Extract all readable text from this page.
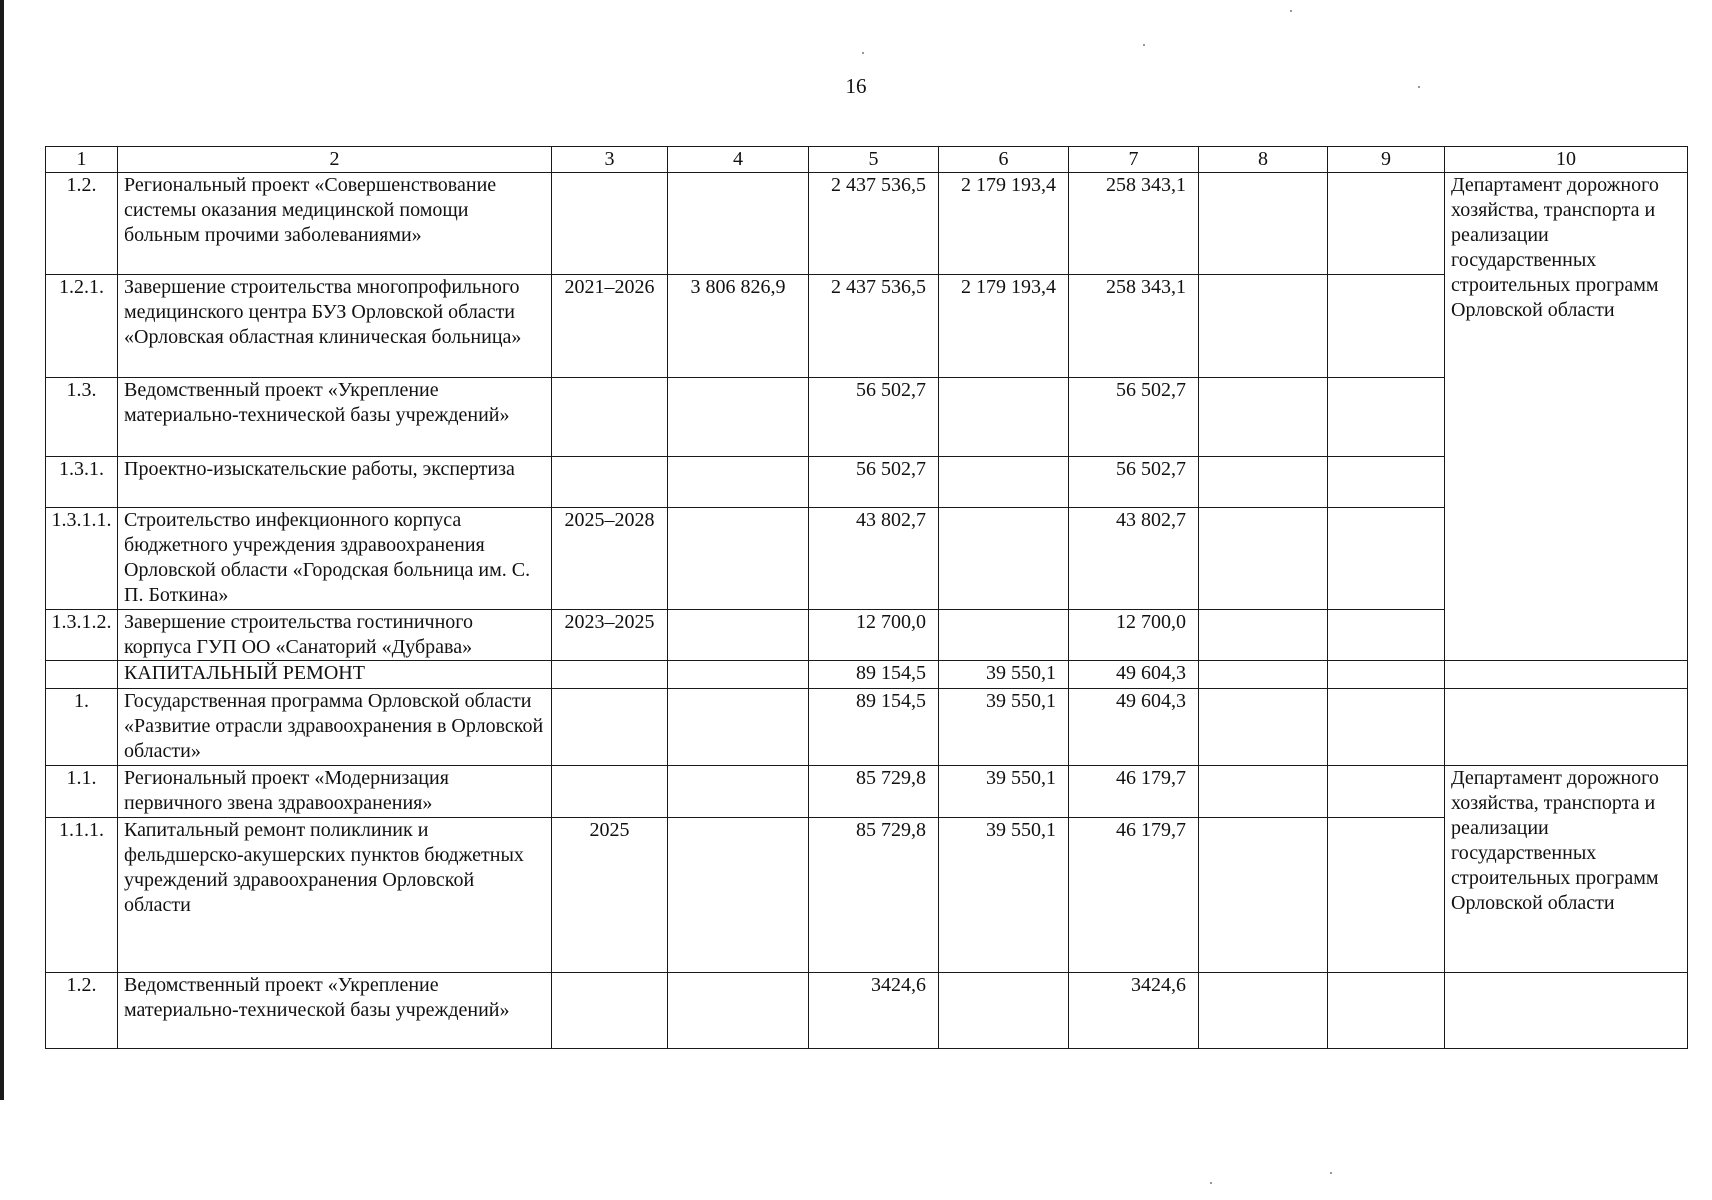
16
1	2	3	4	5	6	7	8	9	10
1.2.	Региональный проект «Совершенствование системы оказания медицинской помощи больным прочими заболеваниями»			2 437 536,5	2 179 193,4	258 343,1			Департамент дорожного хозяйства, транспорта и реализации государственных строительных программ Орловской области
1.2.1.	Завершение строительства многопрофильного медицинского центра БУЗ Орловской области «Орловская областная клиническая больница»	2021–2026	3 806 826,9	2 437 536,5	2 179 193,4	258 343,1			
1.3.	Ведомственный проект «Укрепление материально-технической базы учреждений»			56 502,7		56 502,7			
1.3.1.	Проектно-изыскательские работы, экспертиза			56 502,7		56 502,7			
1.3.1.1.	Строительство инфекционного корпуса бюджетного учреждения здравоохранения Орловской области «Городская больница им. С. П. Боткина»	2025–2028		43 802,7		43 802,7			
1.3.1.2.	Завершение строительства гостиничного корпуса ГУП ОО «Санаторий «Дубрава»	2023–2025		12 700,0		12 700,0			
	КАПИТАЛЬНЫЙ РЕМОНТ			89 154,5	39 550,1	49 604,3			
1.	Государственная программа Орловской области «Развитие отрасли здравоохранения в Орловской области»			89 154,5	39 550,1	49 604,3			
1.1.	Региональный проект «Модернизация первичного звена здравоохранения»			85 729,8	39 550,1	46 179,7			Департамент дорожного хозяйства, транспорта и реализации государственных строительных программ Орловской области
1.1.1.	Капитальный ремонт поликлиник и фельдшерско-акушерских пунктов бюджетных учреждений здравоохранения Орловской области	2025		85 729,8	39 550,1	46 179,7			
1.2.	Ведомственный проект «Укрепление материально-технической базы учреждений»			3424,6		3424,6			
